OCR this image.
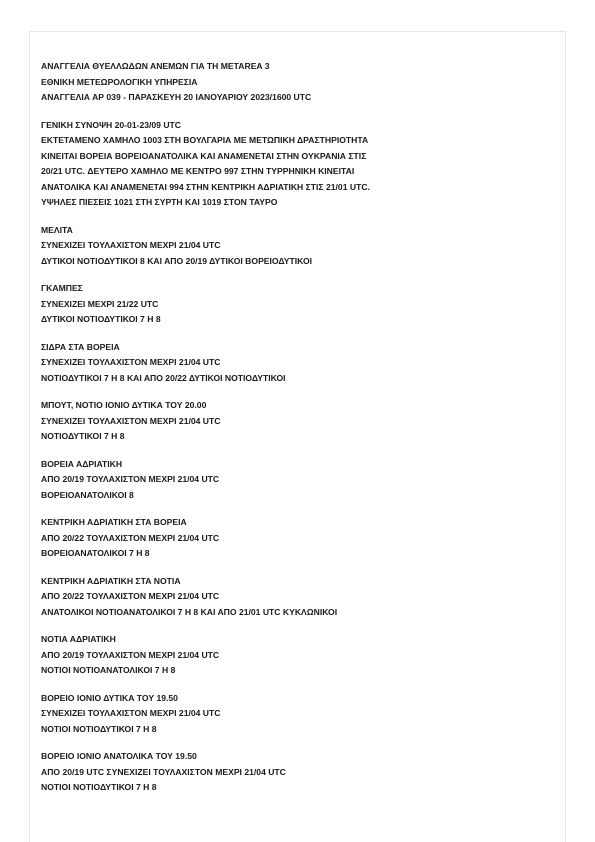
ΑΝΑΓΓΕΛΙΑ ΘΥΕΛΛΩΔΩΝ ΑΝΕΜΩΝ ΓΙΑ ΤΗ METAREA 3
ΕΘΝΙΚΗ ΜΕΤΕΩΡΟΛΟΓΙΚΗ ΥΠΗΡΕΣΙΑ
ΑΝΑΓΓΕΛΙΑ ΑΡ 039 - ΠΑΡΑΣΚΕΥΗ 20 ΙΑΝΟΥΑΡΙΟΥ 2023/1600 UTC
ΓΕΝΙΚΗ ΣΥΝΟΨΗ 20-01-23/09 UTC
ΕΚΤΕΤΑΜΕΝΟ ΧΑΜΗΛΟ 1003 ΣΤΗ ΒΟΥΛΓΑΡΙΑ ΜΕ ΜΕΤΩΠΙΚΗ ΔΡΑΣΤΗΡΙΟΤΗΤΑ
ΚΙΝΕΙΤΑΙ ΒΟΡΕΙΑ ΒΟΡΕΙΟΑΝΑΤΟΛΙΚΑ ΚΑΙ ΑΝΑΜΕΝΕΤΑΙ ΣΤΗΝ ΟΥΚΡΑΝΙΑ ΣΤΙΣ
20/21 UTC. ΔΕΥΤΕΡΟ ΧΑΜΗΛΟ ΜΕ ΚΕΝΤΡΟ 997 ΣΤΗΝ ΤΥΡΡΗΝΙΚΗ ΚΙΝΕΙΤΑΙ
ΑΝΑΤΟΛΙΚΑ ΚΑΙ ΑΝΑΜΕΝΕΤΑΙ 994 ΣΤΗΝ ΚΕΝΤΡΙΚΗ ΑΔΡΙΑΤΙΚΗ ΣΤΙΣ 21/01 UTC.
ΥΨΗΛΕΣ ΠΙΕΣΕΙΣ 1021 ΣΤΗ ΣΥΡΤΗ ΚΑΙ 1019 ΣΤΟΝ ΤΑΥΡΟ
ΜΕΛΙΤΑ
ΣΥΝΕΧΙΖΕΙ ΤΟΥΛΑΧΙΣΤΟΝ ΜΕΧΡΙ 21/04 UTC
ΔΥΤΙΚΟΙ ΝΟΤΙΟΔΥΤΙΚΟΙ 8 ΚΑΙ ΑΠΟ 20/19 ΔΥΤΙΚΟΙ ΒΟΡΕΙΟΔΥΤΙΚΟΙ
ΓΚΑΜΠΕΣ
ΣΥΝΕΧΙΖΕΙ ΜΕΧΡΙ 21/22 UTC
ΔΥΤΙΚΟΙ ΝΟΤΙΟΔΥΤΙΚΟΙ 7 Η 8
ΣΙΔΡΑ ΣΤΑ ΒΟΡΕΙΑ
ΣΥΝΕΧΙΖΕΙ ΤΟΥΛΑΧΙΣΤΟΝ ΜΕΧΡΙ 21/04 UTC
ΝΟΤΙΟΔΥΤΙΚΟΙ 7 Η 8 ΚΑΙ ΑΠΟ 20/22 ΔΥΤΙΚΟΙ ΝΟΤΙΟΔΥΤΙΚΟΙ
ΜΠΟΥΤ, ΝΟΤΙΟ ΙΟΝΙΟ ΔΥΤΙΚΑ ΤΟΥ 20.00
ΣΥΝΕΧΙΖΕΙ ΤΟΥΛΑΧΙΣΤΟΝ ΜΕΧΡΙ 21/04 UTC
ΝΟΤΙΟΔΥΤΙΚΟΙ 7 Η 8
ΒΟΡΕΙΑ ΑΔΡΙΑΤΙΚΗ
ΑΠΟ 20/19 ΤΟΥΛΑΧΙΣΤΟΝ ΜΕΧΡΙ 21/04 UTC
ΒΟΡΕΙΟΑΝΑΤΟΛΙΚΟΙ 8
ΚΕΝΤΡΙΚΗ ΑΔΡΙΑΤΙΚΗ ΣΤΑ ΒΟΡΕΙΑ
ΑΠΟ 20/22 ΤΟΥΛΑΧΙΣΤΟΝ ΜΕΧΡΙ 21/04 UTC
ΒΟΡΕΙΟΑΝΑΤΟΛΙΚΟΙ 7 Η 8
ΚΕΝΤΡΙΚΗ ΑΔΡΙΑΤΙΚΗ ΣΤΑ ΝΟΤΙΑ
ΑΠΟ 20/22 ΤΟΥΛΑΧΙΣΤΟΝ ΜΕΧΡΙ 21/04 UTC
ΑΝΑΤΟΛΙΚΟΙ ΝΟΤΙΟΑΝΑΤΟΛΙΚΟΙ 7 Η 8 ΚΑΙ ΑΠΟ 21/01 UTC ΚΥΚΛΩΝΙΚΟΙ
ΝΟΤΙΑ ΑΔΡΙΑΤΙΚΗ
ΑΠΟ 20/19 ΤΟΥΛΑΧΙΣΤΟΝ ΜΕΧΡΙ 21/04 UTC
ΝΟΤΙΟΙ ΝΟΤΙΟΑΝΑΤΟΛΙΚΟΙ 7 Η 8
ΒΟΡΕΙΟ ΙΟΝΙΟ ΔΥΤΙΚΑ ΤΟΥ 19.50
ΣΥΝΕΧΙΖΕΙ ΤΟΥΛΑΧΙΣΤΟΝ ΜΕΧΡΙ 21/04 UTC
ΝΟΤΙΟΙ ΝΟΤΙΟΔΥΤΙΚΟΙ 7 Η 8
ΒΟΡΕΙΟ ΙΟΝΙΟ ΑΝΑΤΟΛΙΚΑ ΤΟΥ 19.50
ΑΠΟ 20/19 UTC ΣΥΝΕΧΙΖΕΙ ΤΟΥΛΑΧΙΣΤΟΝ ΜΕΧΡΙ 21/04 UTC
ΝΟΤΙΟΙ ΝΟΤΙΟΔΥΤΙΚΟΙ 7 Η 8
